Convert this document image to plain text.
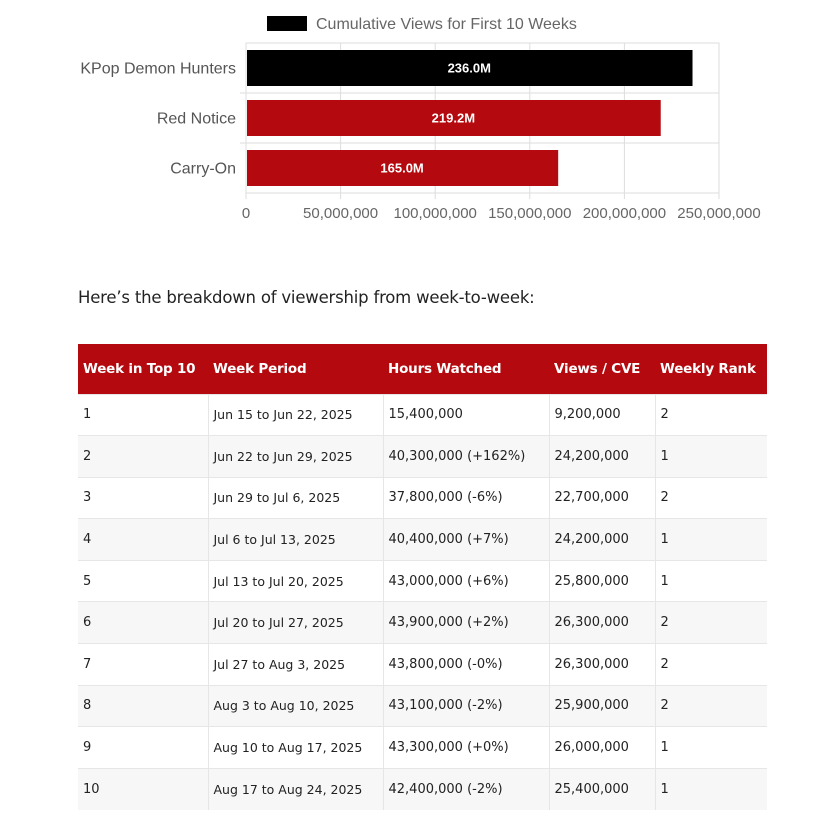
Cumulative Views for First 10 Weeks
0	50,000,000 100,000,000 150,000,000 200,000,000 250,000,000
KPop Demon Hunters	236.0M
Red Notice	219.2M
Carry-On	165.0M

Here’s the breakdown of viewership from week-to-week:

Week in Top 10	Week Period	Hours Watched	Views / CVE	Weekly Rank
1	Jun 15 to Jun 22, 2025	15,400,000	9,200,000	2
2	Jun 22 to Jun 29, 2025	40,300,000 (+162%)	24,200,000	1
3	Jun 29 to Jul 6, 2025	37,800,000 (-6%)	22,700,000	2
4	Jul 6 to Jul 13, 2025	40,400,000 (+7%)	24,200,000	1
5	Jul 13 to Jul 20, 2025	43,000,000 (+6%)	25,800,000	1
6	Jul 20 to Jul 27, 2025	43,900,000 (+2%)	26,300,000	2
7	Jul 27 to Aug 3, 2025	43,800,000 (-0%)	26,300,000	2
8	Aug 3 to Aug 10, 2025	43,100,000 (-2%)	25,900,000	2
9	Aug 10 to Aug 17, 2025	43,300,000 (+0%)	26,000,000	1
10	Aug 17 to Aug 24, 2025	42,400,000 (-2%)	25,400,000	1
